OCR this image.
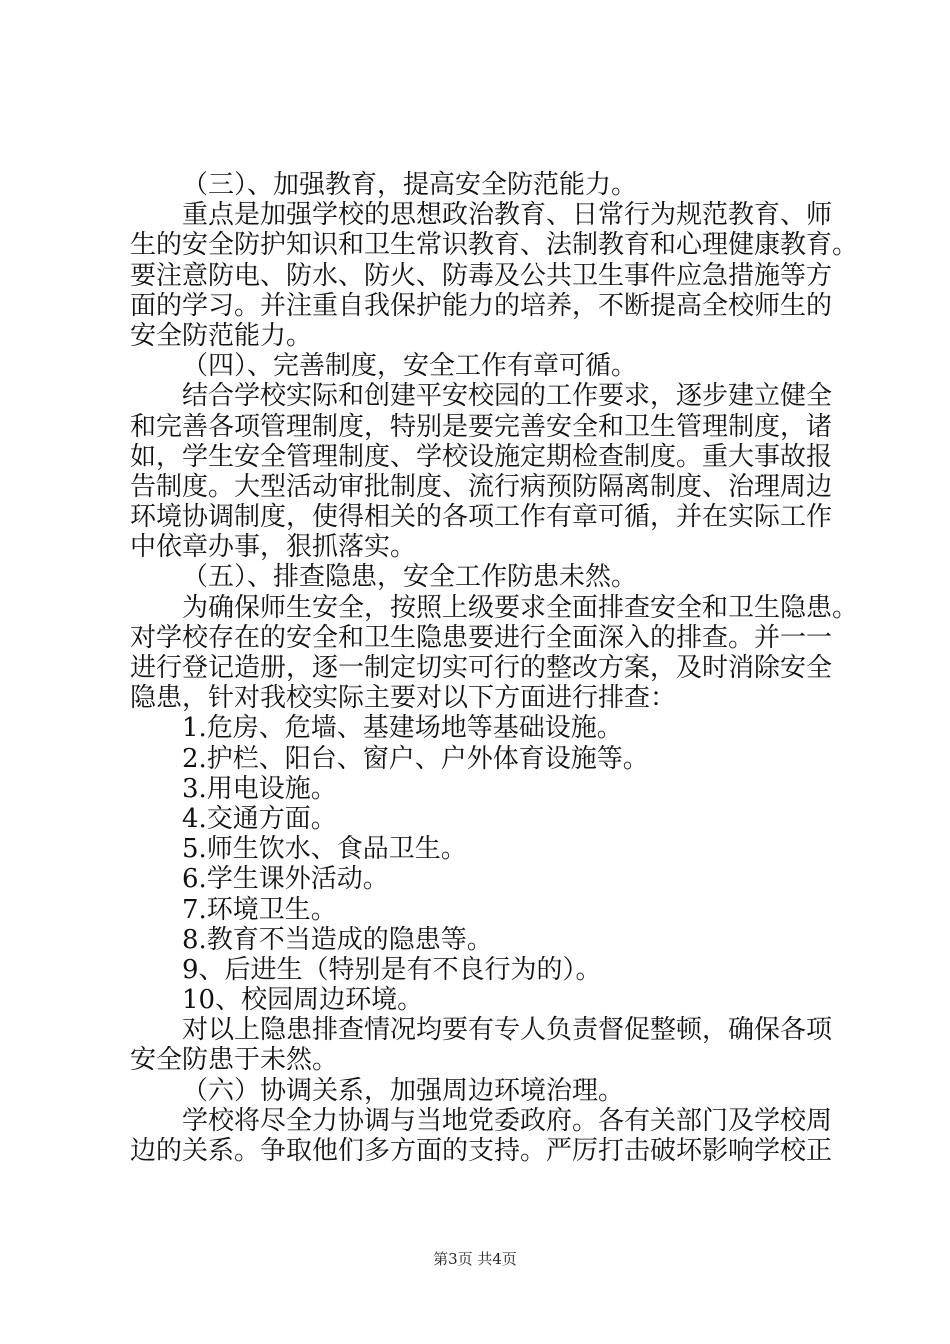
（三）、加强教育，提高安全防范能力。
重点是加强学校的思想政治教育、日常行为规范教育、师
生的安全防护知识和卫生常识教育、法制教育和心理健康教育。
要注意防电、防水、防火、防毒及公共卫生事件应急措施等方
面的学习。并注重自我保护能力的培养，不断提高全校师生的
安全防范能力。
（四）、完善制度，安全工作有章可循。
结合学校实际和创建平安校园的工作要求，逐步建立健全
和完善各项管理制度，特别是要完善安全和卫生管理制度，诸
如，学生安全管理制度、学校设施定期检查制度。重大事故报
告制度。大型活动审批制度、流行病预防隔离制度、治理周边
环境协调制度，使得相关的各项工作有章可循，并在实际工作
中依章办事，狠抓落实。
（五）、排查隐患，安全工作防患未然。
为确保师生安全，按照上级要求全面排查安全和卫生隐患。
对学校存在的安全和卫生隐患要进行全面深入的排查。并一一
进行登记造册，逐一制定切实可行的整改方案，及时消除安全
隐患，针对我校实际主要对以下方面进行排查：
1.危房、危墙、基建场地等基础设施。
2.护栏、阳台、窗户、户外体育设施等。
3.用电设施。
4.交通方面。
5.师生饮水、食品卫生。
6.学生课外活动。
7.环境卫生。
8.教育不当造成的隐患等。
9、后进生（特别是有不良行为的）。
10、校园周边环境。
对以上隐患排查情况均要有专人负责督促整顿，确保各项
安全防患于未然。
（六）协调关系，加强周边环境治理。
学校将尽全力协调与当地党委政府。各有关部门及学校周
边的关系。争取他们多方面的支持。严厉打击破坏影响学校正
第3页 共4页
